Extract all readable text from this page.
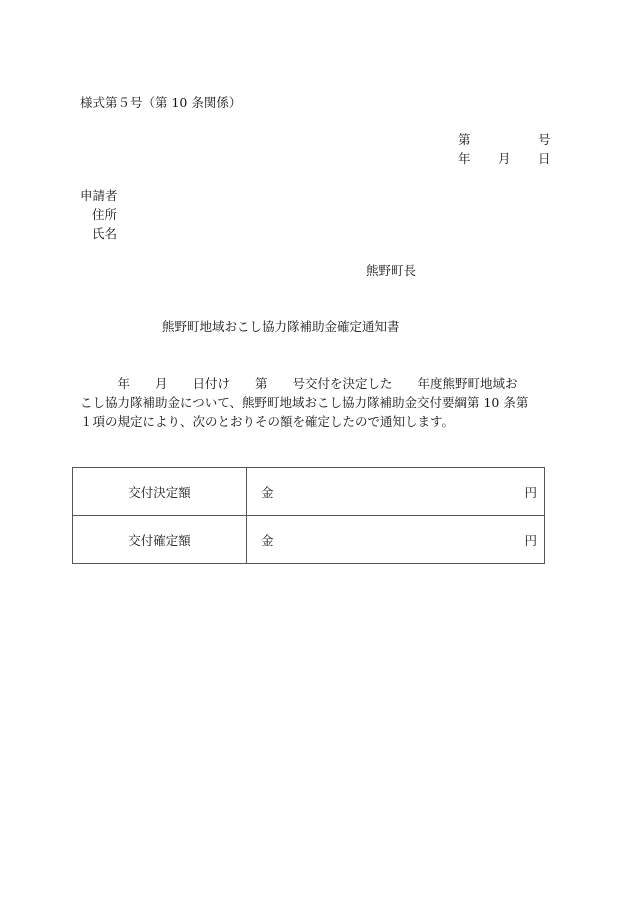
様式第５号（第 10 条関係）
第	号
年 月 日
申請者
住所
氏名
熊野町長
熊野町地域おこし協力隊補助金確定通知書
　　　年　　月　　日付け　　第　　号交付を決定した　　年度熊野町地域お
こし協力隊補助金について、熊野町地域おこし協力隊補助金交付要綱第 10 条第
１項の規定により、次のとおりその額を確定したので通知します。
交付決定額	金 円

交付確定額	金 円
